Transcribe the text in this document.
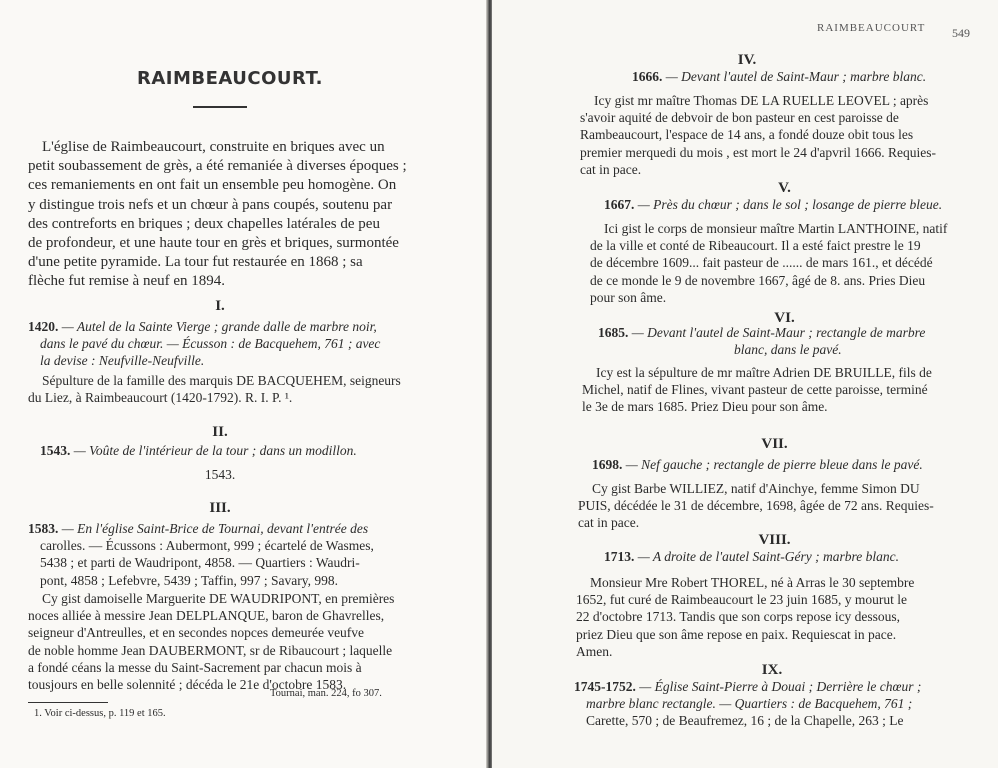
RAIMBEAUCOURT.
L'église de Raimbeaucourt, construite en briques avec un
petit soubassement de grès, a été remaniée à diverses époques ;
ces remaniements en ont fait un ensemble peu homogène. On
y distingue trois nefs et un chœur à pans coupés, soutenu par
des contreforts en briques ; deux chapelles latérales de peu
de profondeur, et une haute tour en grès et briques, surmontée
d'une petite pyramide. La tour fut restaurée en 1868 ; sa
flèche fut remise à neuf en 1894.
I.
1420. — Autel de la Sainte Vierge ; grande dalle de marbre noir,
dans le pavé du chœur. — Écusson : de Bacquehem, 761 ; avec
la devise : Neufville-Neufville.
Sépulture de la famille des marquis DE BACQUEHEM, seigneurs
du Liez, à Raimbeaucourt (1420-1792). R. I. P. ¹.
II.
1543. — Voûte de l'intérieur de la tour ; dans un modillon.
1543.
III.
1583. — En l'église Saint-Brice de Tournai, devant l'entrée des
carolles. — Écussons : Aubermont, 999 ; écartelé de Wasmes,
5438 ; et parti de Waudripont, 4858. — Quartiers : Waudri-
pont, 4858 ; Lefebvre, 5439 ; Taffin, 997 ; Savary, 998.
Cy gist damoiselle Marguerite DE WAUDRIPONT, en premières
noces alliée à messire Jean DELPLANQUE, baron de Ghavrelles,
seigneur d'Antreulles, et en secondes nopces demeurée veufve
de noble homme Jean DAUBERMONT, sr de Ribaucourt ; laquelle
a fondé céans la messe du Saint-Sacrement par chacun mois à
tousjours en belle solennité ; décéda le 21e d'octobre 1583.
Tournai, man. 224, fo 307.
1. Voir ci-dessus, p. 119 et 165.
RAIMBEAUCOURT 549
IV.
1666. — Devant l'autel de Saint-Maur ; marbre blanc.
Icy gist mr maître Thomas DE LA RUELLE LEOVEL ; après
s'avoir aquité de debvoir de bon pasteur en cest paroisse de
Rambeaucourt, l'espace de 14 ans, a fondé douze obit tous les
premier merquedi du mois , est mort le 24 d'apvril 1666. Requies-
cat in pace.
V.
1667. — Près du chœur ; dans le sol ; losange de pierre bleue.
Ici gist le corps de monsieur maître Martin LANTHOINE, natif
de la ville et conté de Ribeaucourt. Il a esté faict prestre le 19
de décembre 1609... fait pasteur de ...... de mars 161., et décédé
de ce monde le 9 de novembre 1667, âgé de 8. ans. Pries Dieu
pour son âme.
VI.
1685. — Devant l'autel de Saint-Maur ; rectangle de marbre
blanc, dans le pavé.
Icy est la sépulture de mr maître Adrien DE BRUILLE, fils de
Michel, natif de Flines, vivant pasteur de cette paroisse, terminé
le 3e de mars 1685. Priez Dieu pour son âme.
VII.
1698. — Nef gauche ; rectangle de pierre bleue dans le pavé.
Cy gist Barbe WILLIEZ, natif d'Ainchye, femme Simon DU
PUIS, décédée le 31 de décembre, 1698, âgée de 72 ans. Requies-
cat in pace.
VIII.
1713. — A droite de l'autel Saint-Géry ; marbre blanc.
Monsieur Mre Robert THOREL, né à Arras le 30 septembre
1652, fut curé de Raimbeaucourt le 23 juin 1685, y mourut le
22 d'octobre 1713. Tandis que son corps repose icy dessous,
priez Dieu que son âme repose en paix. Requiescat in pace.
Amen.
IX.
1745-1752. — Église Saint-Pierre à Douai ; Derrière le chœur ;
marbre blanc rectangle. — Quartiers : de Bacquehem, 761 ;
Carette, 570 ; de Beaufremez, 16 ; de la Chapelle, 263 ; Le
